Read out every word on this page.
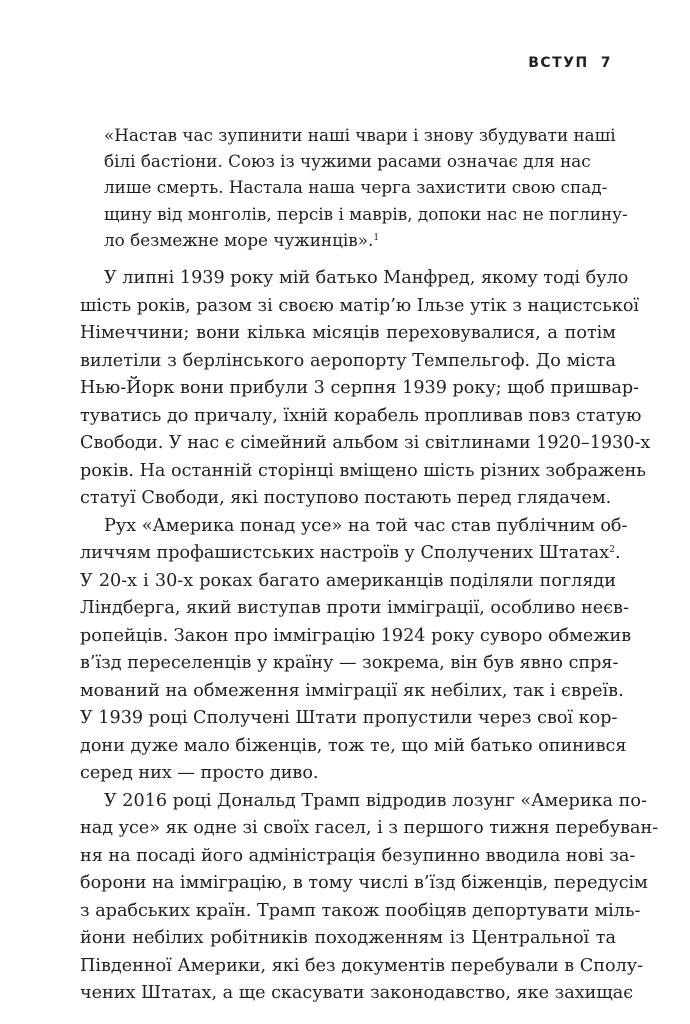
ВСТУП 7
«Настав час зупинити наші чвари і знову збудувати наші
білі бастіони. Союз із чужими расами означає для нас
лише смерть. Настала наша черга захистити свою спад-
щину від монголів, персів і маврів, допоки нас не поглину-
ло безмежне море чужинців».$^1$
У липні 1939 року мій батько Манфред, якому тоді було
шість років, разом зі своєю матір’ю Ільзе утік з нацистської
Німеччини; вони кілька місяців переховувалися, а потім
вилетіли з берлінського аеропорту Темпельгоф. До міста
Нью-Йорк вони прибули 3 серпня 1939 року; щоб пришвар-
туватись до причалу, їхній корабель пропливав повз статую
Свободи. У нас є сімейний альбом зі світлинами 1920–1930-х
років. На останній сторінці вміщено шість різних зображень
статуї Свободи, які поступово постають перед глядачем.
Рух «Америка понад усе» на той час став публічним об-
личчям профашистських настроїв у Сполучених Штатах$^2$.
У 20-х і 30-х роках багато американців поділяли погляди
Ліндберга, який виступав проти імміграції, особливо неєв-
ропейців. Закон про імміграцію 1924 року суворо обмежив
в’їзд переселенців у країну — зокрема, він був явно спря-
мований на обмеження імміграції як небілих, так і євреїв.
У 1939 році Сполучені Штати пропустили через свої кор-
дони дуже мало біженців, тож те, що мій батько опинився
серед них — просто диво.
У 2016 році Дональд Трамп відродив лозунг «Америка по-
над усе» як одне зі своїх гасел, і з першого тижня перебуван-
ня на посаді його адміністрація безупинно вводила нові за-
борони на імміграцію, в тому числі в’їзд біженців, передусім
з арабських країн. Трамп також пообіцяв депортувати міль-
йони небілих робітників походженням із Центральної та
Південної Америки, які без документів перебували в Сполу-
чених Штатах, а ще скасувати законодавство, яке захищає
